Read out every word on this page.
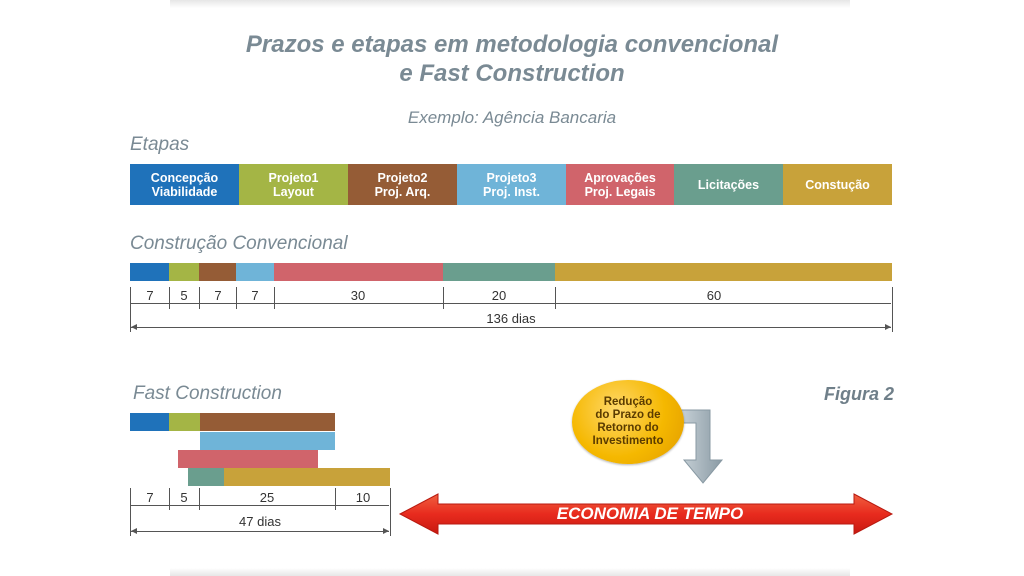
Prazos e etapas em metodologia convencional
e Fast Construction
Exemplo: Agência Bancaria
Etapas
Construção Convencional
Fast Construction	Figura 2
Concepção
Viabilidade
Projeto1
Layout
Projeto2
Proj. Arq.
Projeto3
Proj. Inst.
Aprovações
Proj. Legais	Licitações	Constução
7 5 7 7	30	20	60
136 dias
7 5	25	10
47 dias
Redução
do Prazo de
Retorno do
Investimento
ECONOMIA DE TEMPO
